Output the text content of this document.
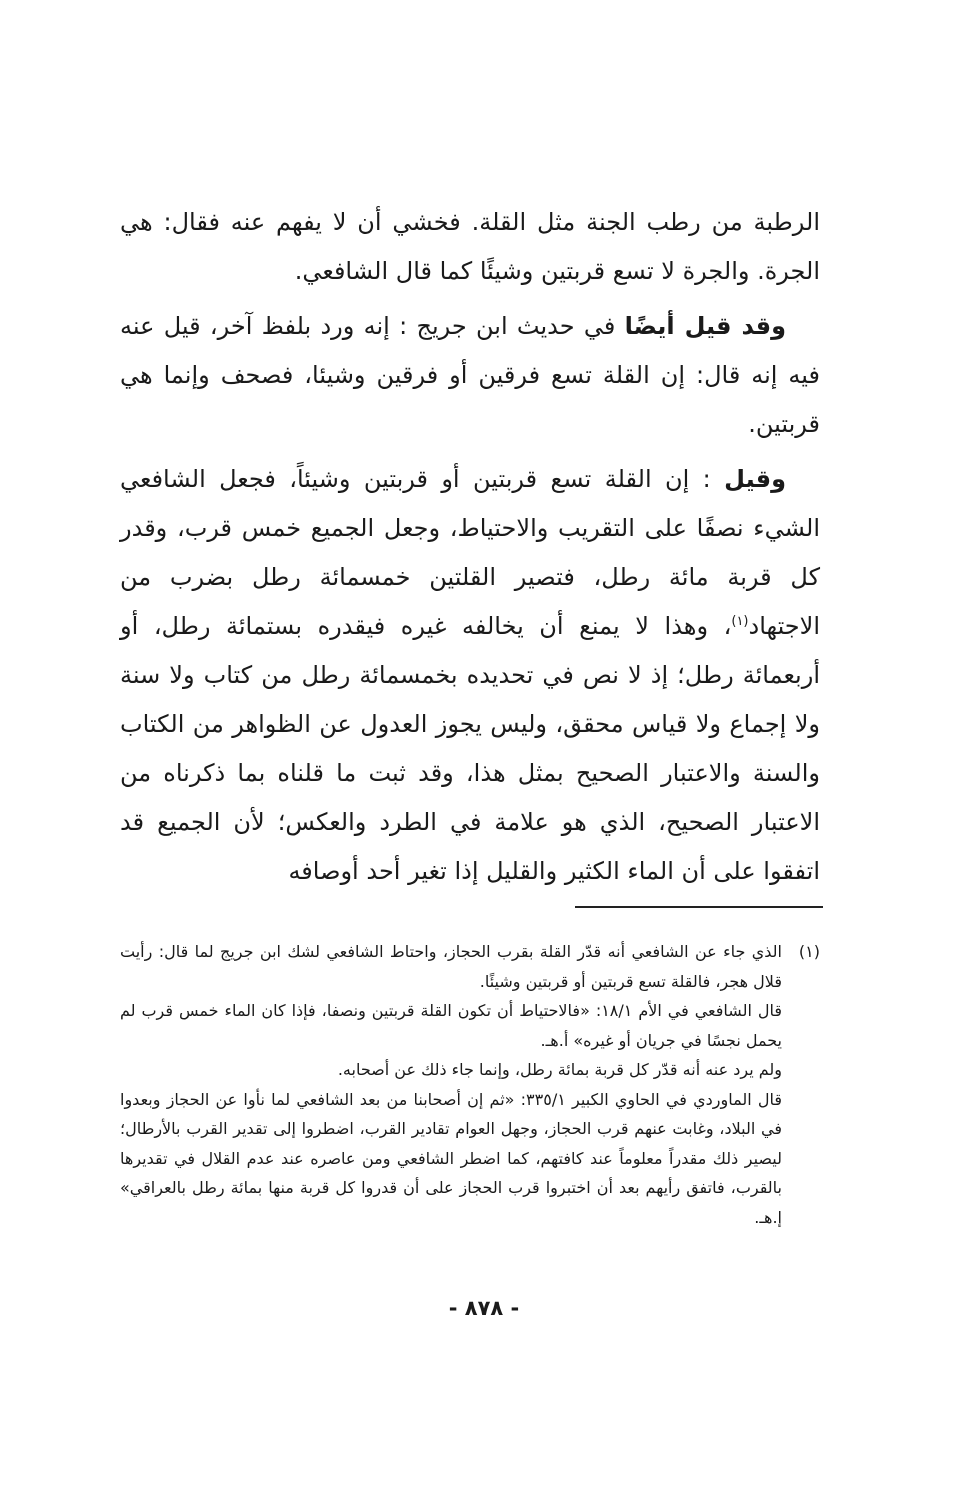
الرطبة من رطب الجنة مثل القلة. فخشي أن لا يفهم عنه فقال: هي الجرة. والجرة لا تسع قربتين وشيئًا كما قال الشافعي.

وقد قيل أيضًا في حديث ابن جريج : إنه ورد بلفظ آخر، قيل عنه فيه إنه قال: إن القلة تسع فرقين أو فرقين وشيئا، فصحف وإنما هي قربتين.

وقيل : إن القلة تسع قربتين أو قربتين وشيئاً، فجعل الشافعي الشيء نصفًا على التقريب والاحتياط، وجعل الجميع خمس قرب، وقدر كل قربة مائة رطل، فتصير القلتين خمسمائة رطل بضرب من الاجتهاد$^{(١)}$، وهذا لا يمنع أن يخالفه غيره فيقدره بستمائة رطل، أو أربعمائة رطل؛ إذ لا نص في تحديده بخمسمائة رطل من كتاب ولا سنة ولا إجماع ولا قياس محقق، وليس يجوز العدول عن الظواهر من الكتاب والسنة والاعتبار الصحيح بمثل هذا، وقد ثبت ما قلناه بما ذكرناه من الاعتبار الصحيح، الذي هو علامة في الطرد والعكس؛ لأن الجميع قد اتفقوا على أن الماء الكثير والقليل إذا تغير أحد أوصافه

(١)

الذي جاء عن الشافعي أنه قدّر القلة بقرب الحجاز، واحتاط الشافعي لشك ابن جريج لما قال: رأيت قلال هجر، فالقلة تسع قربتين أو قربتين وشيئًا.

قال الشافعي في الأم ١٨/١: «فالاحتياط أن تكون القلة قربتين ونصفا، فإذا كان الماء خمس قرب لم يحمل نجسًا في جريان أو غيره» أ.هـ.

ولم يرد عنه أنه قدّر كل قربة بمائة رطل، وإنما جاء ذلك عن أصحابه.

قال الماوردي في الحاوي الكبير ٣٣٥/١: «ثم إن أصحابنا من بعد الشافعي لما نأوا عن الحجاز وبعدوا في البلاد، وغابت عنهم قرب الحجاز، وجهل العوام تقادير القرب، اضطروا إلى تقدير القرب بالأرطال؛ ليصير ذلك مقدراً معلوماً عند كافتهم، كما اضطر الشافعي ومن عاصره عند عدم القلال في تقديرها بالقرب، فاتفق رأيهم بعد أن اختبروا قرب الحجاز على أن قدروا كل قربة منها بمائة رطل بالعراقي» إ.هـ.

- ٨٧٨ -
